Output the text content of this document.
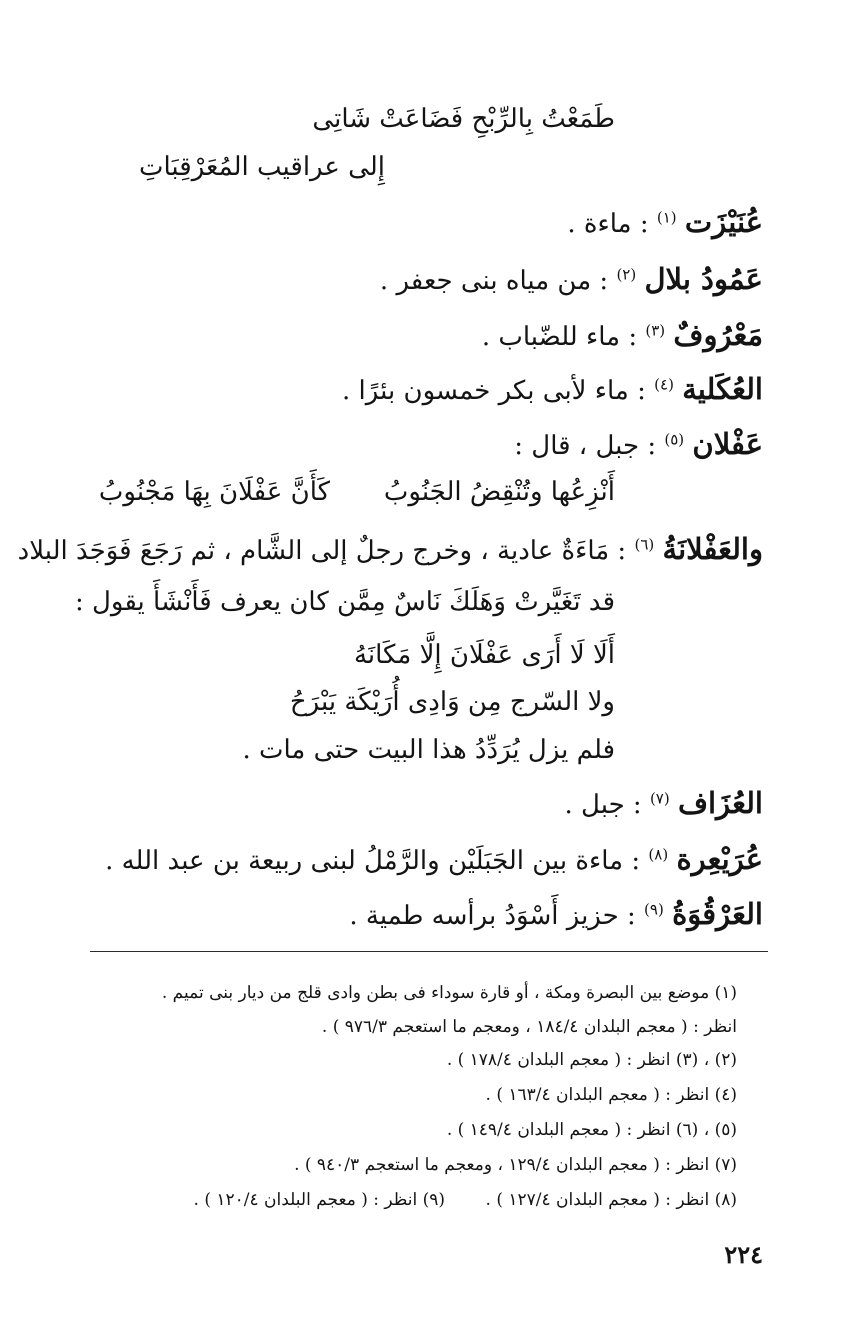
طَمَعْتُ بِالرِّبْحِ فَضَاعَتْ شَاتِى
إِلى عراقيب المُعَرْقِبَاتِ
عُنَيْزَت $^{(١)}$ : ماءة .
عَمُودُ بلال $^{(٢)}$ : من مياه بنى جعفر .
مَعْرُوفٌ $^{(٣)}$ : ماء للضّباب .
العُكَلية $^{(٤)}$ : ماء لأبى بكر خمسون بئرًا .
عَفْلان $^{(٥)}$ : جبل ، قال :
أَنْزِعُها وتُنْقِضُ الجَنُوبُ
كَأَنَّ عَفْلَانَ بِهَا مَجْنُوبُ
والعَفْلانَةُ $^{(٦)}$ : مَاءَةٌ عادية ، وخرج رجلٌ إلى الشَّام ، ثم رَجَعَ فَوَجَدَ البلاد
قد تَغَيَّرتْ وَهَلَكَ نَاسٌ مِمَّن كان يعرف فَأَنْشَأَ يقول :
أَلَا لَا أَرَى عَفْلَانَ إِلَّا مَكَانَهُ
ولا السّرج مِن وَادِى أُرَيْكَة يَبْرَحُ
فلم يزل يُرَدِّدُ هذا البيت حتى مات .
العُزَاف $^{(٧)}$ : جبل .
عُرَيْعِرة $^{(٨)}$ : ماءة بين الجَبَلَيْن والرَّمْلُ لبنى ربيعة بن عبد الله .
العَرْقُوَةُ $^{(٩)}$ : حزيز أَسْوَدُ برأسه طمية .
(١) موضع بين البصرة ومكة ، أو قارة سوداء فى بطن وادى قلج من ديار بنى تميم .
انظر : ( معجم البلدان ١٨٤/٤ ، ومعجم ما استعجم ٩٧٦/٣ ) .
(٢) ، (٣) انظر : ( معجم البلدان ١٧٨/٤ ) .
(٤) انظر : ( معجم البلدان ١٦٣/٤ ) .
(٥) ، (٦) انظر : ( معجم البلدان ١٤٩/٤ ) .
(٧) انظر : ( معجم البلدان ١٢٩/٤ ، ومعجم ما استعجم ٩٤٠/٣ ) .
(٨) انظر : ( معجم البلدان ١٢٧/٤ ) .
(٩) انظر : ( معجم البلدان ١٢٠/٤ ) .
٢٢٤
